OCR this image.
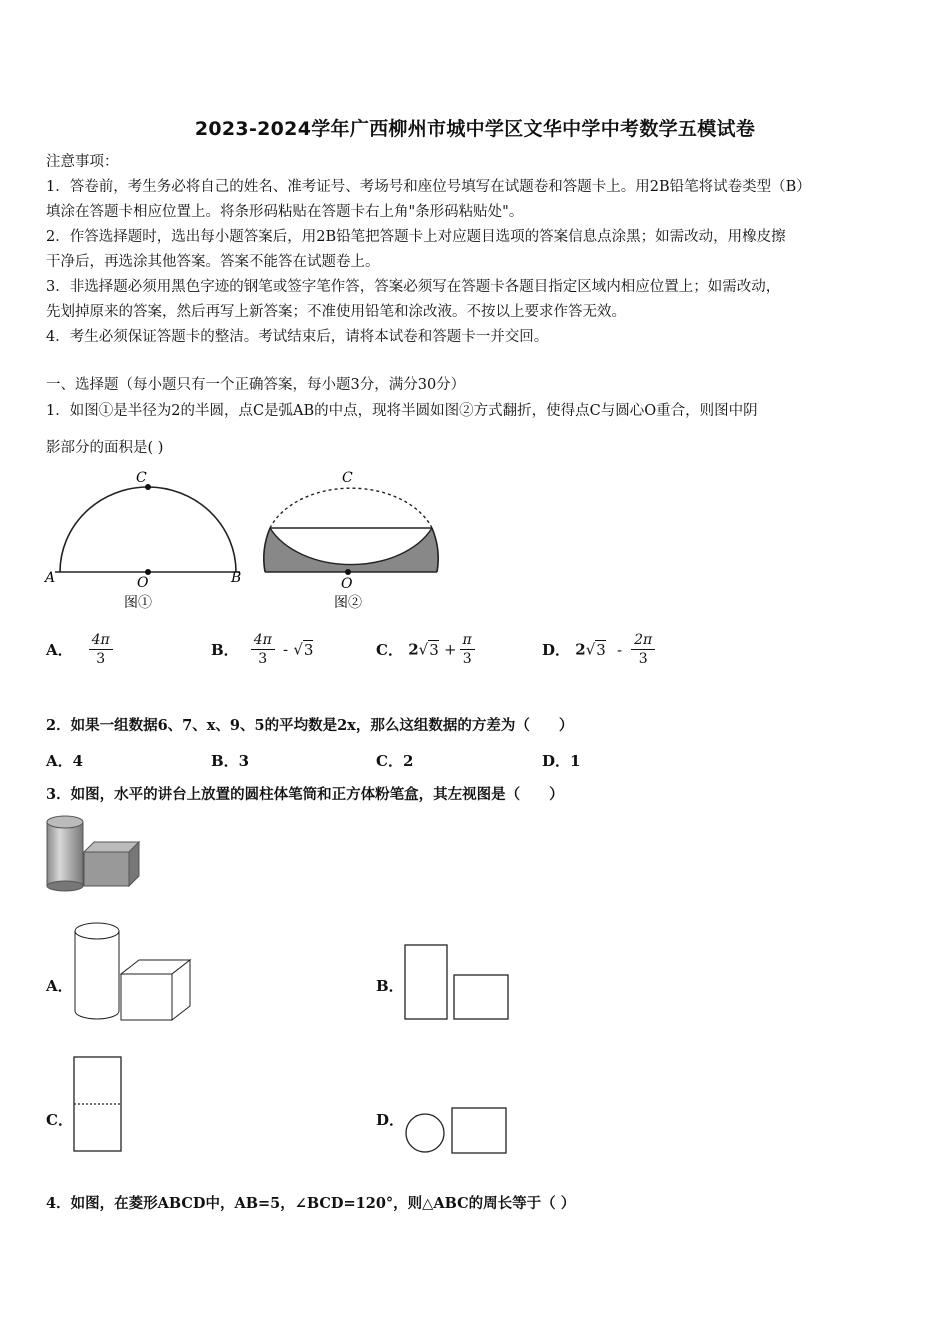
2023-2024学年广西柳州市城中学区文华中学中考数学五模试卷
注意事项：
1．答卷前，考生务必将自己的姓名、准考证号、考场号和座位号填写在试题卷和答题卡上。用2B铅笔将试卷类型（B）
填涂在答题卡相应位置上。将条形码粘贴在答题卡右上角"条形码粘贴处"。
2．作答选择题时，选出每小题答案后，用2B铅笔把答题卡上对应题目选项的答案信息点涂黑；如需改动，用橡皮擦
干净后，再选涂其他答案。答案不能答在试题卷上。
3．非选择题必须用黑色字迹的钢笔或签字笔作答，答案必须写在答题卡各题目指定区域内相应位置上；如需改动，
先划掉原来的答案，然后再写上新答案；不准使用铅笔和涂改液。不按以上要求作答无效。
4．考生必须保证答题卡的整洁。考试结束后，请将本试卷和答题卡一并交回。
一、选择题（每小题只有一个正确答案，每小题3分，满分30分）
1．如图①是半径为2的半圆，点C是弧AB的中点，现将半圆如图②方式翻折，使得点C与圆心O重合，则图中阴
影部分的面积是( )
C
A	O	B
图①
C
O
图②
A． $\frac{4\pi}{3}$	B． $\frac{4\pi}{3} - √3$	C． $2√3 + \frac{\pi}{3}$	D． $2√3 - \frac{2\pi}{3}$
2．如果一组数据6、7、x、9、5的平均数是2x，那么这组数据的方差为（　　）
A．4	B．3	C．2	D．1
3．如图，水平的讲台上放置的圆柱体笔筒和正方体粉笔盒，其左视图是（　　）
A．	B．
C．	D．
4．如图，在菱形ABCD中，AB=5，∠BCD=120°，则△ABC的周长等于（ ）
